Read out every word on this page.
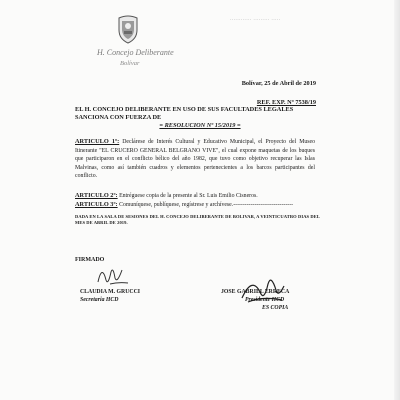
............ ......... .....
H. Concejo Deliberante
Bolívar
Bolívar, 25 de Abril de 2019
REF. EXP. Nº 7538/19
EL H. CONCEJO DELIBERANTE EN USO DE SUS FACULTADES LEGALES
SANCIONA CON FUERZA DE
= RESOLUCION Nº 15/2019 =
ARTICULO 1º: Declárese de Interés Cultural y Educativo Municipal, el Proyecto del Museo Itinerante "EL CRUCERO GENERAL BELGRANO VIVE", el cual expone maquetas de los buques que participaron en el conflicto bélico del año 1982, que tuvo como objetivo recuperar las Islas Malvinas, como así también cuadros y elementos pertenecientes a los barcos participantes del conflicto.
ARTICULO 2º: Entréguese copia de la presente al Sr. Luis Emilio Cisneros.
ARTICULO 3º: Comuníquese, publíquese, regístrese y archívese.-------------------------------
DADA EN LA SALA DE SESIONES DEL H. CONCEJO DELIBERANTE DE BOLIVAR, A VEINTICUATRO DIAS DEL MES DE ABRIL DE 2019.
FIRMADO
CLAUDIA M. GRUCCI
Secretaria HCD
JOSE GABRIEL ERRECA
Presidente HCD
ES COPIA
